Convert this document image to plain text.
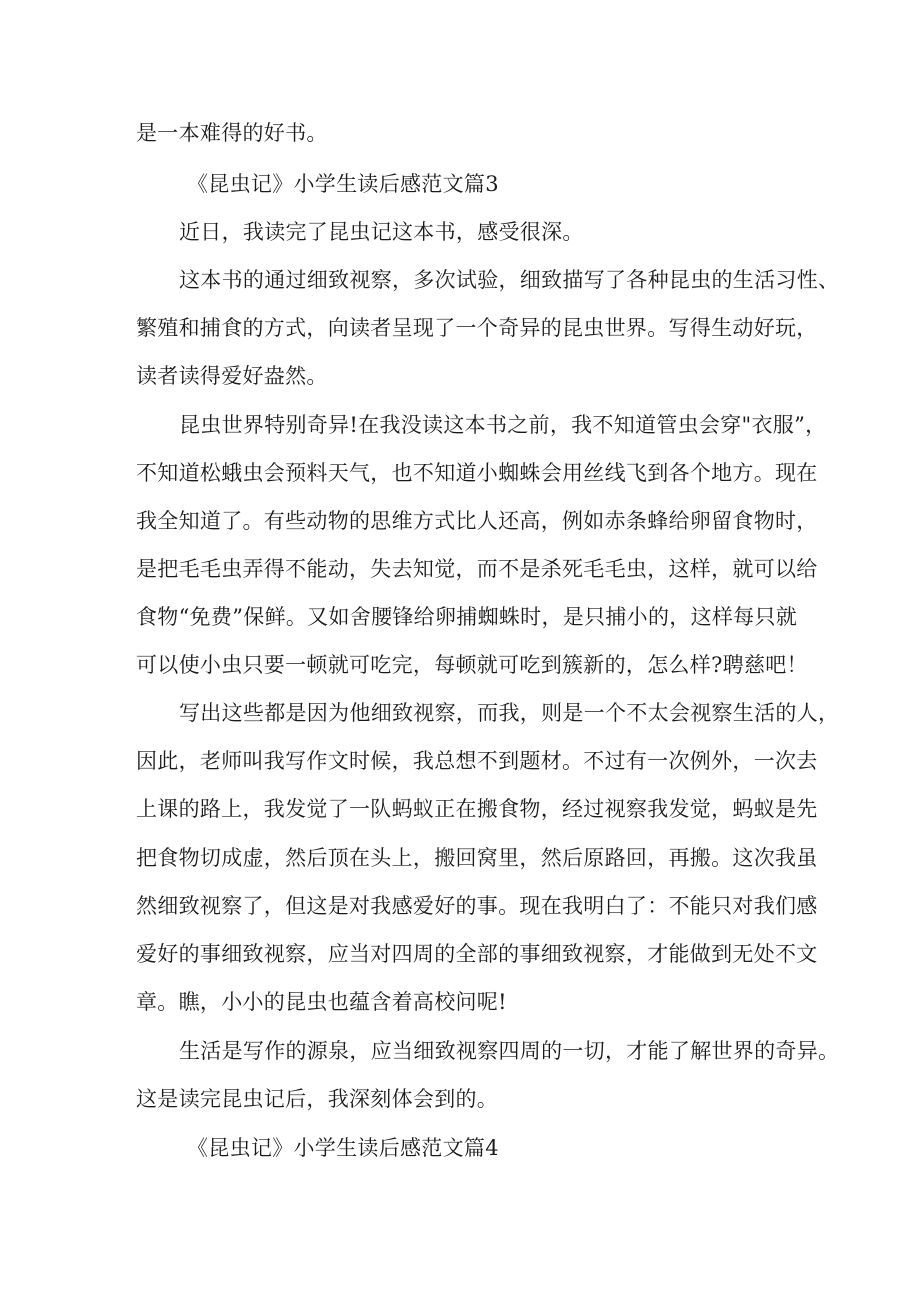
是一本难得的好书。
《昆虫记》小学生读后感范文篇3
近日，我读完了昆虫记这本书，感受很深。
这本书的通过细致视察，多次试验，细致描写了各种昆虫的生活习性、
繁殖和捕食的方式，向读者呈现了一个奇异的昆虫世界。写得生动好玩，
读者读得爱好盎然。
昆虫世界特别奇异!在我没读这本书之前，我不知道管虫会穿"衣服”，
不知道松蛾虫会预料天气，也不知道小蜘蛛会用丝线飞到各个地方。现在
我全知道了。有些动物的思维方式比人还高，例如赤条蜂给卵留食物时，
是把毛毛虫弄得不能动，失去知觉，而不是杀死毛毛虫，这样，就可以给
食物“免费”保鲜。又如舍腰锋给卵捕蜘蛛时，是只捕小的，这样每只就
可以使小虫只要一顿就可吃完，每顿就可吃到簇新的，怎么样?聘慈吧！
写出这些都是因为他细致视察，而我，则是一个不太会视察生活的人，
因此，老师叫我写作文时候，我总想不到题材。不过有一次例外，一次去
上课的路上，我发觉了一队蚂蚁正在搬食物，经过视察我发觉，蚂蚁是先
把食物切成虚，然后顶在头上，搬回窝里，然后原路回，再搬。这次我虽
然细致视察了，但这是对我感爱好的事。现在我明白了：不能只对我们感
爱好的事细致视察，应当对四周的全部的事细致视察，才能做到无处不文
章。瞧，小小的昆虫也蕴含着高校问呢!
生活是写作的源泉，应当细致视察四周的一切，才能了解世界的奇异。
这是读完昆虫记后，我深刻体会到的。
《昆虫记》小学生读后感范文篇4
